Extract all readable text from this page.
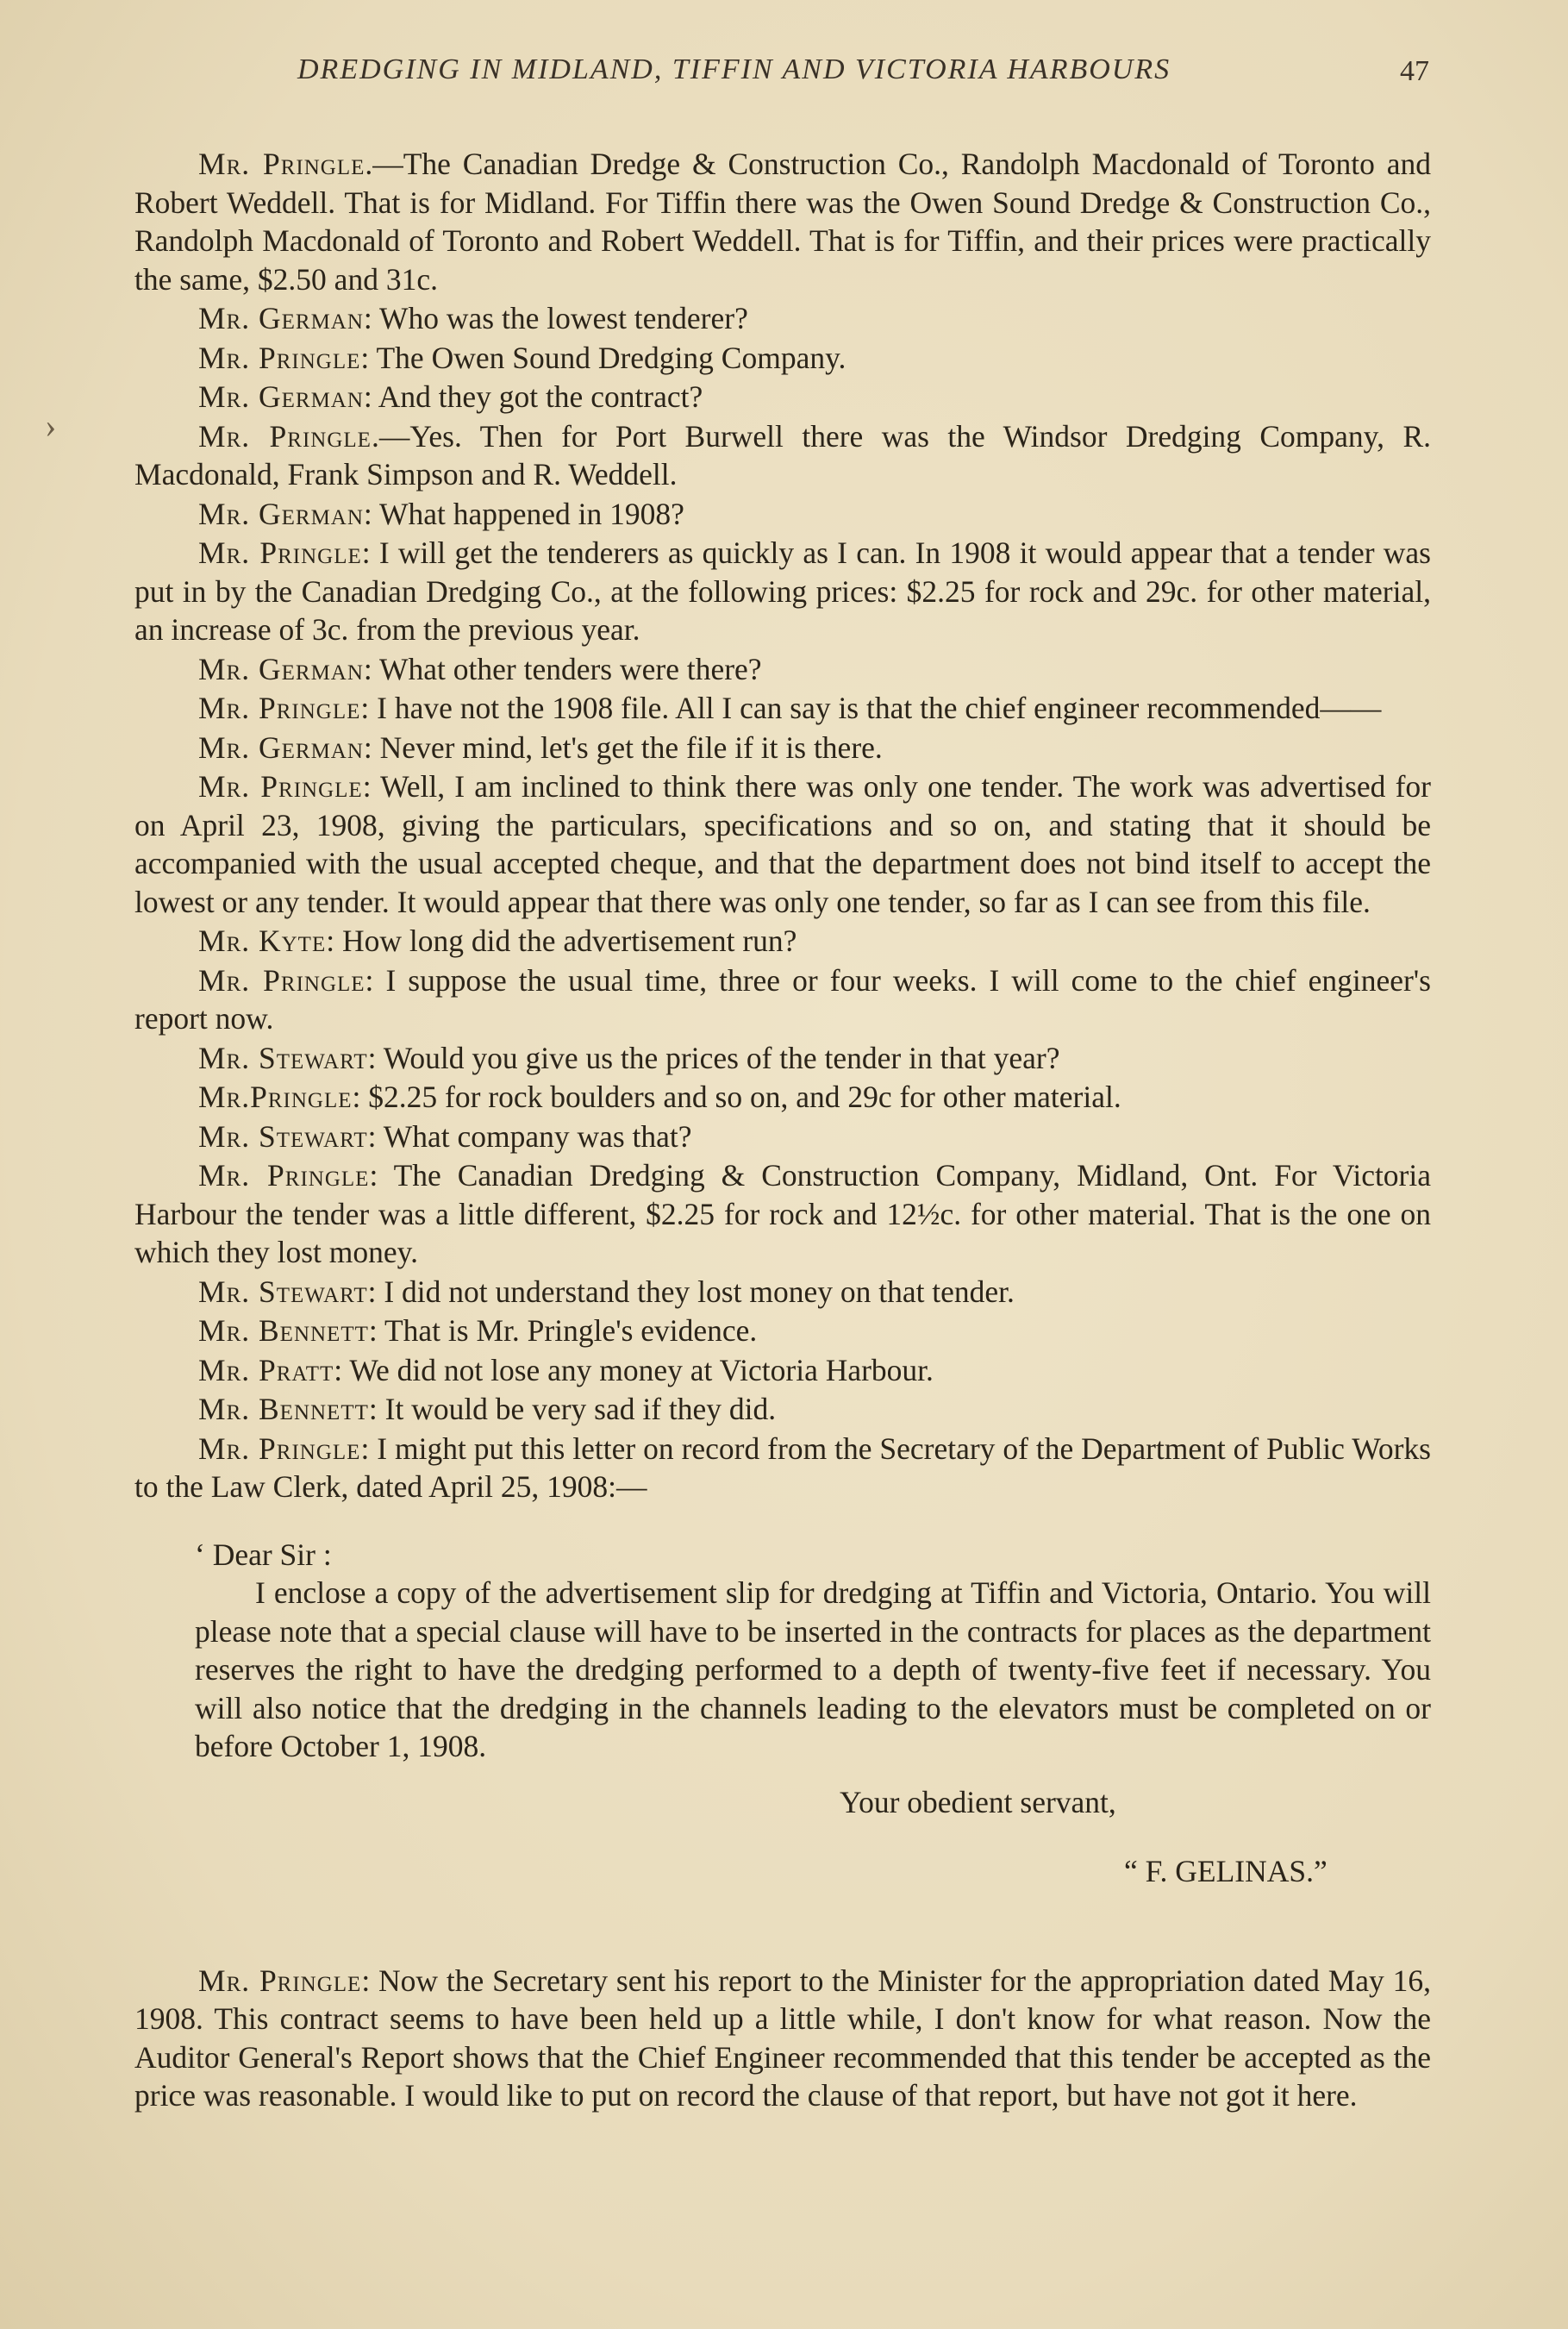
DREDGING IN MIDLAND, TIFFIN AND VICTORIA HARBOURS	47
›

Mr. Pringle.—The Canadian Dredge & Construction Co., Randolph Macdonald of Toronto and Robert Weddell. That is for Midland. For Tiffin there was the Owen Sound Dredge & Construction Co., Randolph Macdonald of Toronto and Robert Weddell. That is for Tiffin, and their prices were practically the same, $2.50 and 31c.

Mr. German: Who was the lowest tenderer?

Mr. Pringle: The Owen Sound Dredging Company.

Mr. German: And they got the contract?

Mr. Pringle.—Yes. Then for Port Burwell there was the Windsor Dredging Company, R. Macdonald, Frank Simpson and R. Weddell.

Mr. German: What happened in 1908?

Mr. Pringle: I will get the tenderers as quickly as I can. In 1908 it would appear that a tender was put in by the Canadian Dredging Co., at the following prices: $2.25 for rock and 29c. for other material, an increase of 3c. from the previous year.

Mr. German: What other tenders were there?

Mr. Pringle: I have not the 1908 file. All I can say is that the chief engineer recommended——

Mr. German: Never mind, let's get the file if it is there.

Mr. Pringle: Well, I am inclined to think there was only one tender. The work was advertised for on April 23, 1908, giving the particulars, specifications and so on, and stating that it should be accompanied with the usual accepted cheque, and that the department does not bind itself to accept the lowest or any tender. It would appear that there was only one tender, so far as I can see from this file.

Mr. Kyte: How long did the advertisement run?

Mr. Pringle: I suppose the usual time, three or four weeks. I will come to the chief engineer's report now.

Mr. Stewart: Would you give us the prices of the tender in that year?

Mr.Pringle: $2.25 for rock boulders and so on, and 29c for other material.

Mr. Stewart: What company was that?

Mr. Pringle: The Canadian Dredging & Construction Company, Midland, Ont. For Victoria Harbour the tender was a little different, $2.25 for rock and 12½c. for other material. That is the one on which they lost money.

Mr. Stewart: I did not understand they lost money on that tender.

Mr. Bennett: That is Mr. Pringle's evidence.

Mr. Pratt: We did not lose any money at Victoria Harbour.

Mr. Bennett: It would be very sad if they did.

Mr. Pringle: I might put this letter on record from the Secretary of the Department of Public Works to the Law Clerk, dated April 25, 1908:—

‘ Dear Sir :

I enclose a copy of the advertisement slip for dredging at Tiffin and Victoria, Ontario. You will please note that a special clause will have to be inserted in the contracts for places as the department reserves the right to have the dredging performed to a depth of twenty-five feet if necessary. You will also notice that the dredging in the channels leading to the elevators must be completed on or before October 1, 1908.

Your obedient servant,

“ F. GELINAS.”

Mr. Pringle: Now the Secretary sent his report to the Minister for the appropriation dated May 16, 1908. This contract seems to have been held up a little while, I don't know for what reason. Now the Auditor General's Report shows that the Chief Engineer recommended that this tender be accepted as the price was reasonable. I would like to put on record the clause of that report, but have not got it here.
